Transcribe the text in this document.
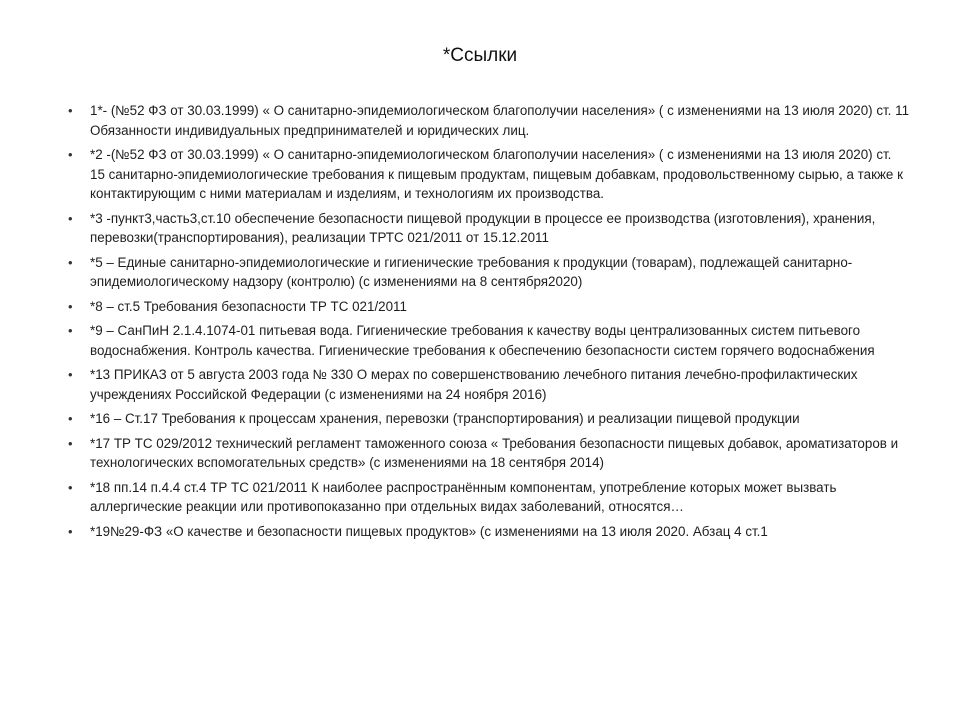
*Ссылки
• 1*- (№52 ФЗ от 30.03.1999) « О санитарно-эпидемиологическом благополучии населения» ( с изменениями на 13 июля 2020) ст. 11 Обязанности индивидуальных предпринимателей и юридических лиц.
• *2 -(№52 ФЗ от 30.03.1999) « О санитарно-эпидемиологическом благополучии населения» ( с изменениями на 13 июля 2020) ст. 15 санитарно-эпидемиологические требования к пищевым продуктам, пищевым добавкам, продовольственному сырью, а также к контактирующим с ними материалам и изделиям, и технологиям их производства.
• *3 -пункт3,часть3,ст.10 обеспечение безопасности пищевой продукции в процессе ее производства (изготовления), хранения, перевозки(транспортирования), реализации ТРТС 021/2011 от 15.12.2011
• *5 – Единые санитарно-эпидемиологические и гигиенические требования к продукции (товарам), подлежащей санитарно-эпидемиологическому надзору (контролю) (с изменениями на 8 сентября2020)
• *8 – ст.5 Требования безопасности ТР ТС 021/2011
• *9 – СанПиН 2.1.4.1074-01 питьевая вода. Гигиенические требования к качеству воды централизованных систем питьевого водоснабжения. Контроль качества. Гигиенические требования к обеспечению безопасности систем горячего водоснабжения
• *13 ПРИКАЗ от 5 августа 2003 года № 330 О мерах по совершенствованию лечебного питания лечебно-профилактических учреждениях Российской Федерации (с изменениями на 24 ноября 2016)
• *16 – Ст.17 Требования к процессам хранения, перевозки (транспортирования) и реализации пищевой продукции
• *17 ТР ТС 029/2012 технический регламент таможенного союза « Требования безопасности пищевых добавок, ароматизаторов и технологических вспомогательных средств» (с изменениями на 18 сентября 2014)
• *18 пп.14 п.4.4 ст.4 ТР ТС 021/2011 К наиболее распространённым компонентам, употребление которых может вызвать аллергические реакции или противопоказанно при отдельных видах заболеваний, относятся…
• *19№29-ФЗ «О качестве и безопасности пищевых продуктов» (с изменениями на 13 июля 2020. Абзац 4 ст.1
